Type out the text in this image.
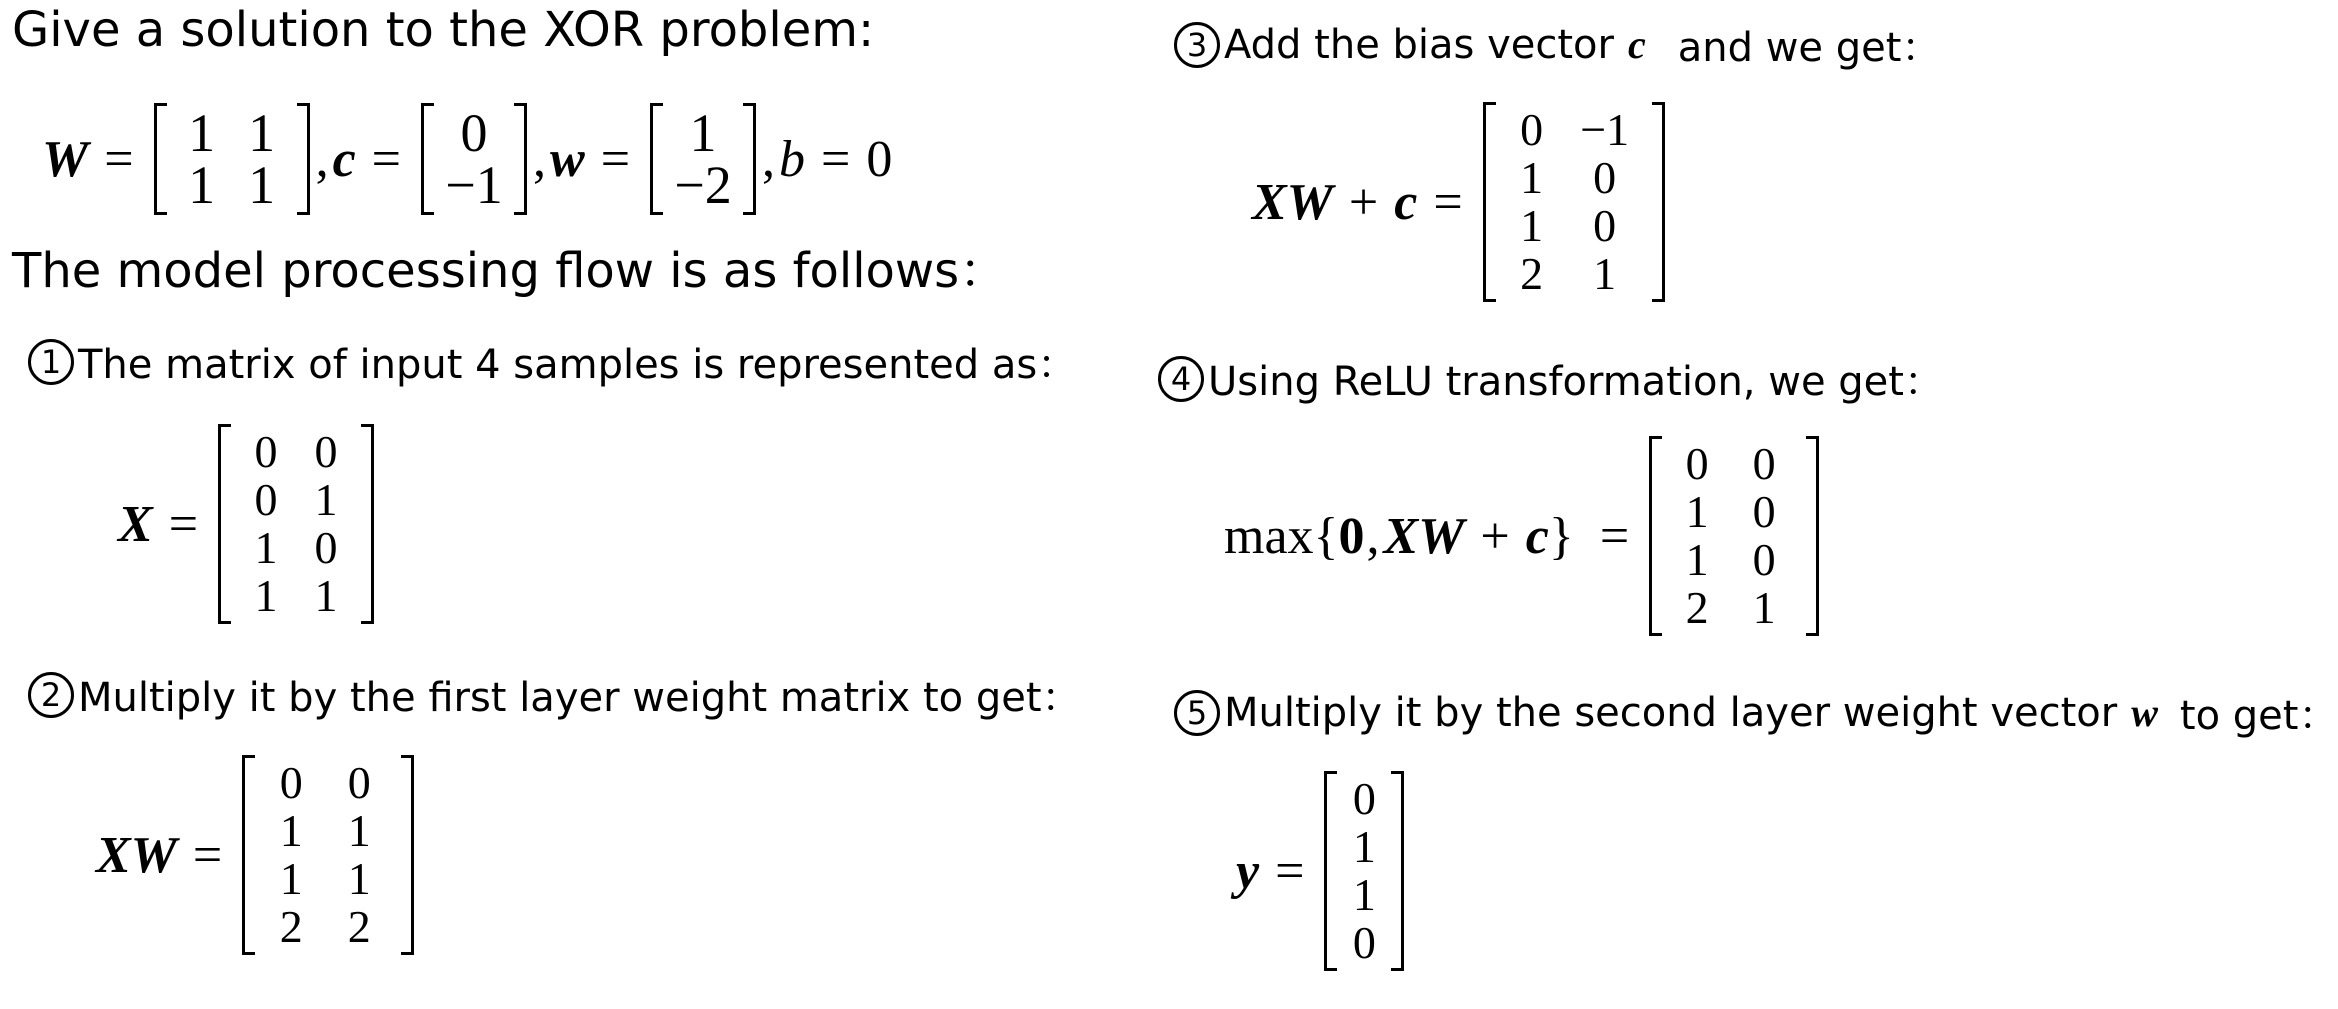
Give a solution to the XOR problem:
W =	1 1
1 1 , c =	0
−1 , w =	1
−2 , b = 0
The model processing flow is as follows：
1 The matrix of input 4 samples is represented as：
X =
0 0
0 1
1 0
1 1
2 Multiply it by the first layer weight matrix to get：
XW =
0 0
1 1
1 1
2 2
3 Add the bias vector c and we get：
XW + c =
0 −1
1	0
1	0
2	1
4 Using ReLU transformation, we get：
max { 0 , XW + c } =
0 0
1 0
1 0
2 1
5 Multiply it by the second layer weight vector w to get：
y =
0
1
1
0
